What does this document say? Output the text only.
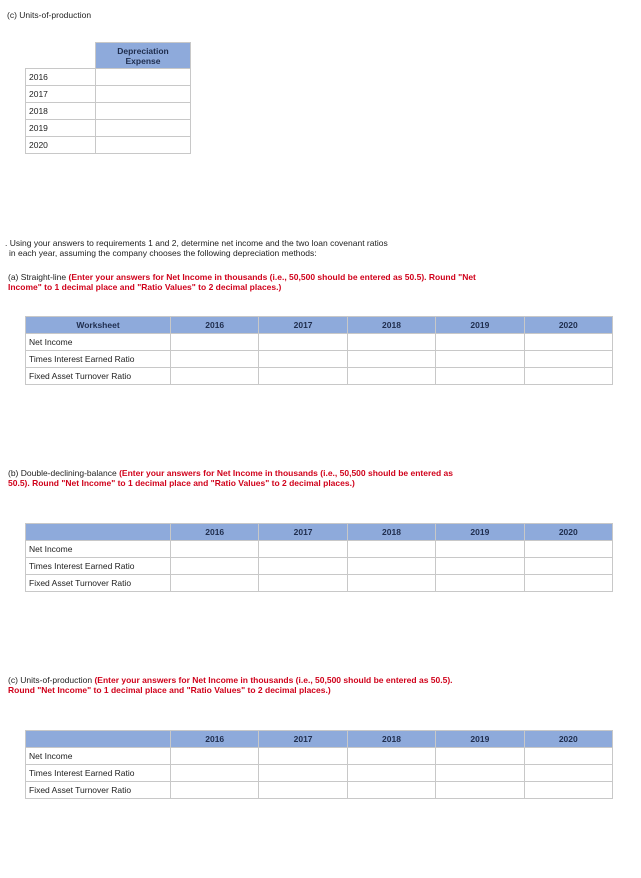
(c) Units-of-production
	Depreciation Expense
2016	
2017	
2018	
2019	
2020	
. Using your answers to requirements 1 and 2, determine net income and the two loan covenant ratios
in each year, assuming the company chooses the following depreciation methods:
(a) Straight-line (Enter your answers for Net Income in thousands (i.e., 50,500 should be entered as 50.5). Round "Net Income" to 1 decimal place and "Ratio Values" to 2 decimal places.)
Worksheet	2016	2017	2018	2019	2020
Net Income					
Times Interest Earned Ratio					
Fixed Asset Turnover Ratio					
(b) Double-declining-balance (Enter your answers for Net Income in thousands (i.e., 50,500 should be entered as 50.5). Round "Net Income" to 1 decimal place and "Ratio Values" to 2 decimal places.)
	2016	2017	2018	2019	2020
Net Income					
Times Interest Earned Ratio					
Fixed Asset Turnover Ratio					
(c) Units-of-production (Enter your answers for Net Income in thousands (i.e., 50,500 should be entered as 50.5). Round "Net Income" to 1 decimal place and "Ratio Values" to 2 decimal places.)
	2016	2017	2018	2019	2020
Net Income					
Times Interest Earned Ratio					
Fixed Asset Turnover Ratio					
